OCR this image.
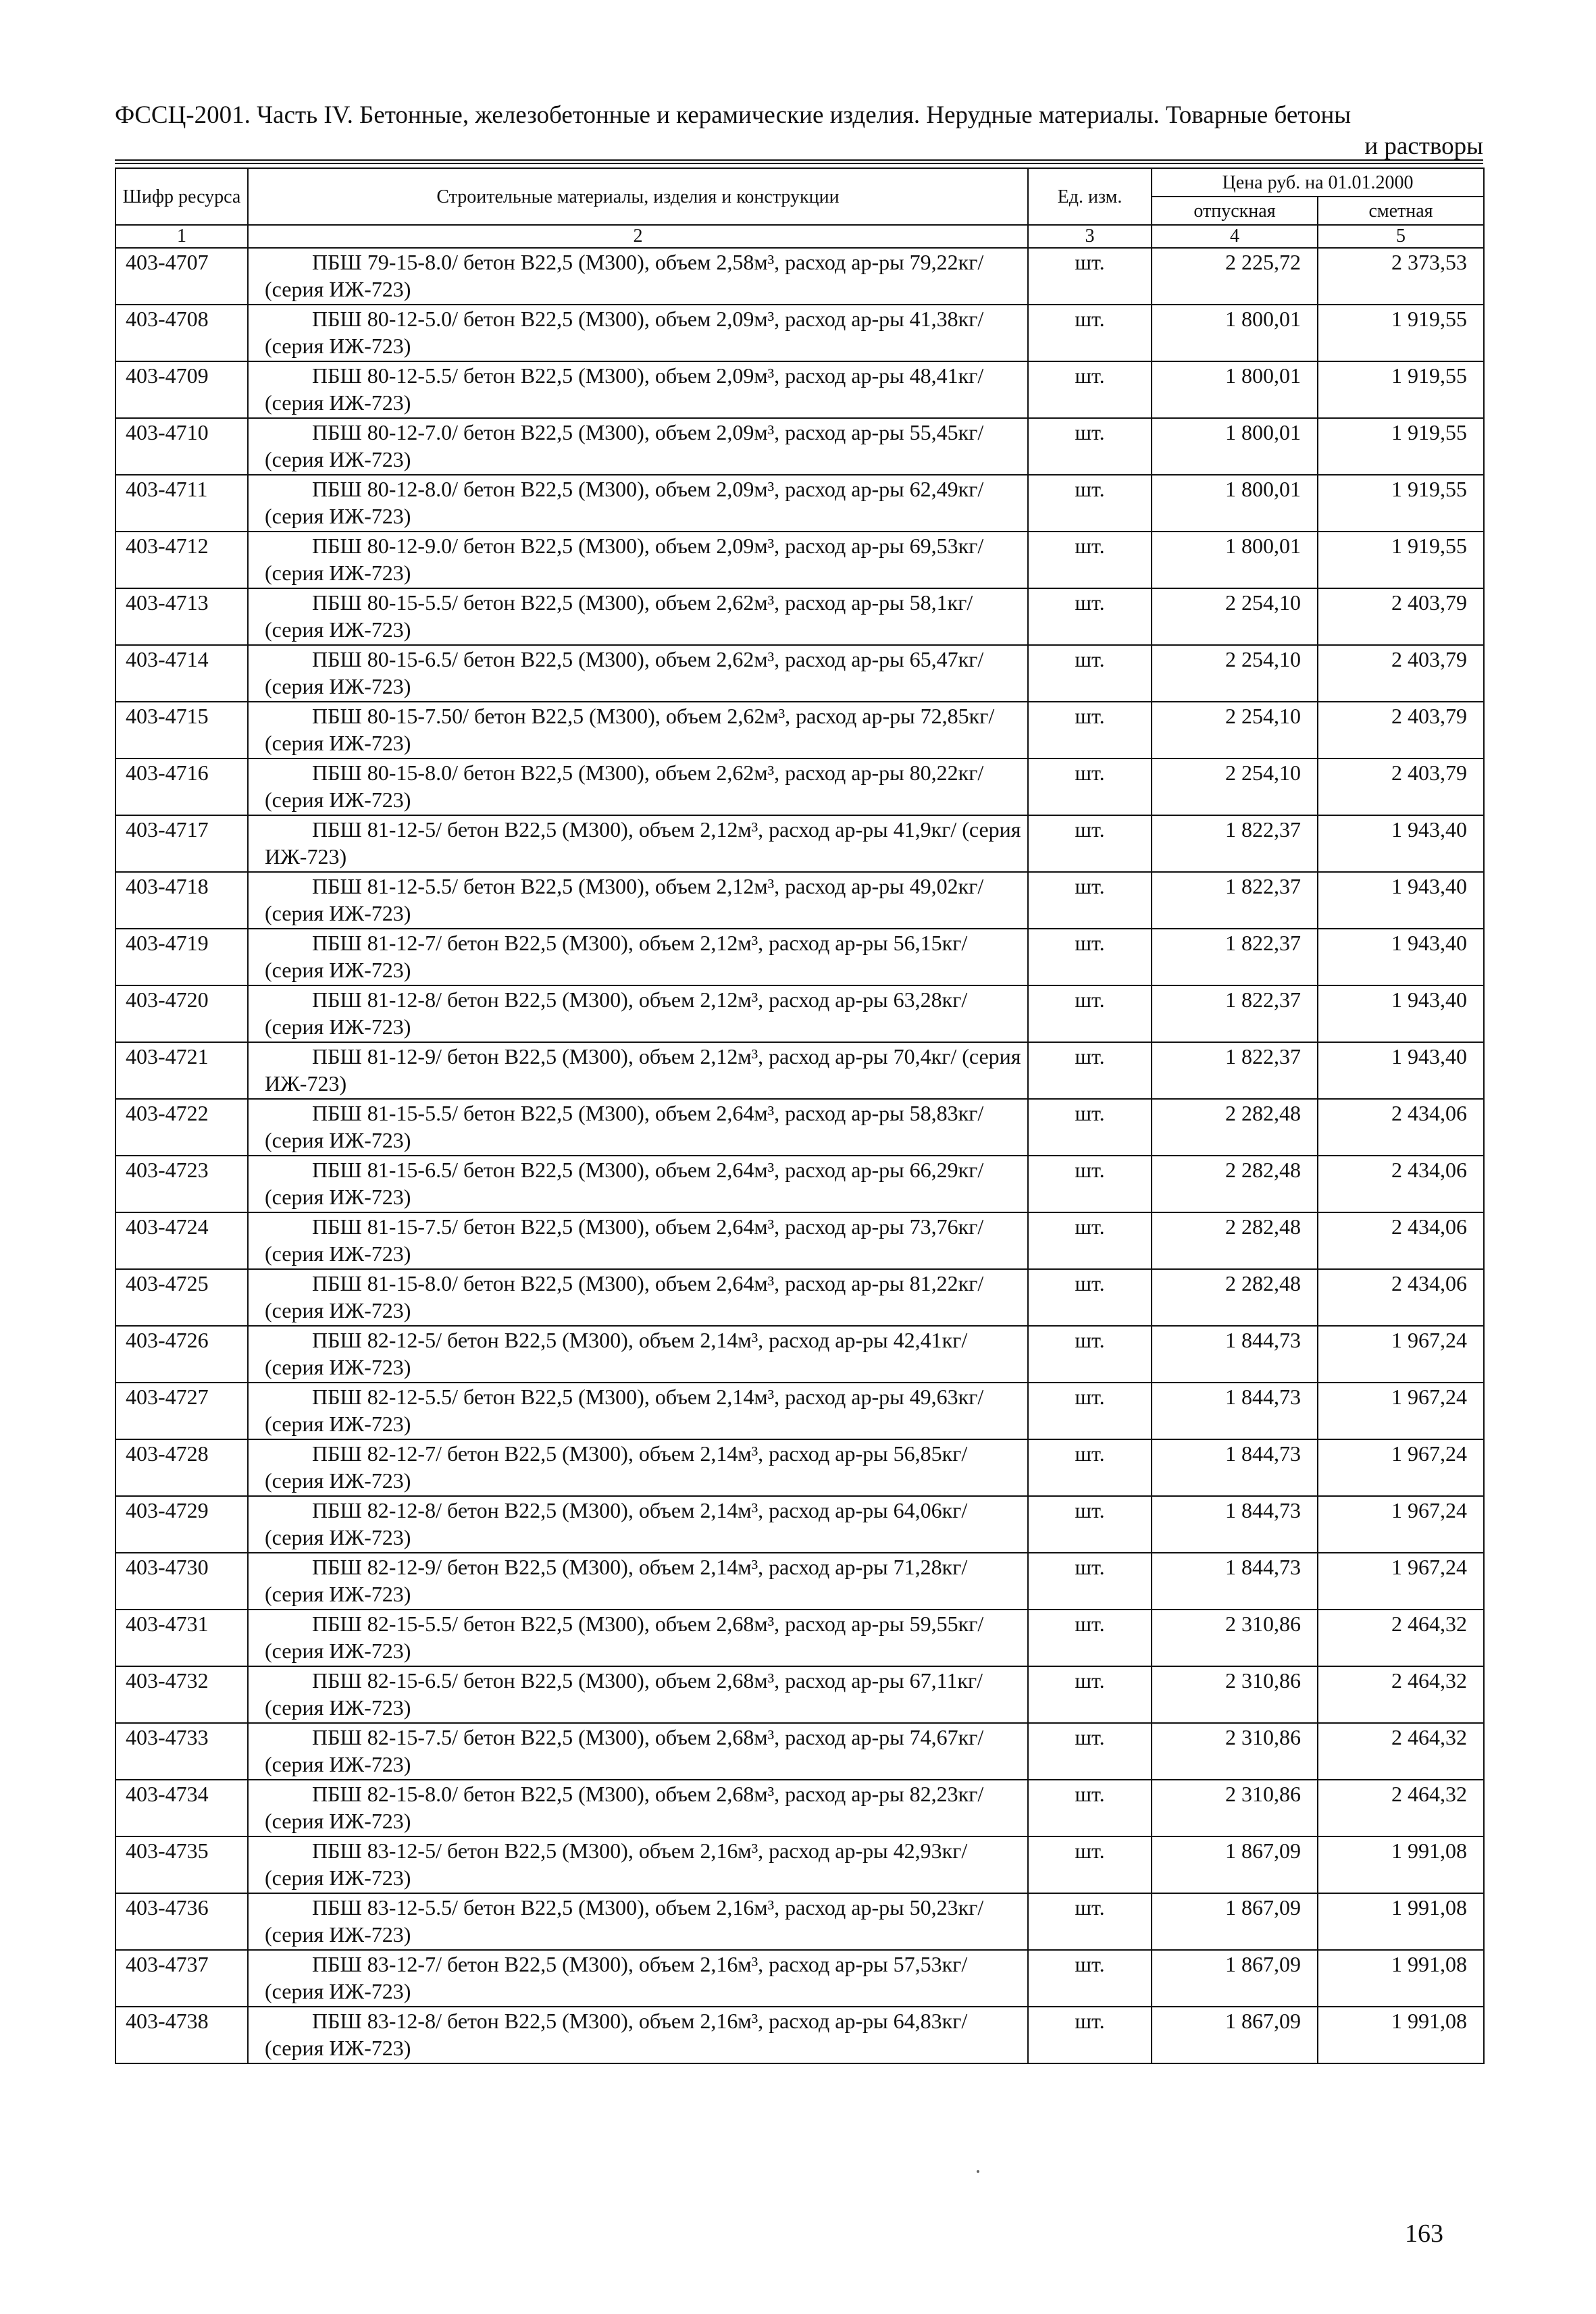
ФССЦ-2001. Часть IV. Бетонные, железобетонные и керамические изделия. Нерудные материалы. Товарные бетоны
и растворы
Шифр ресурса	Строительные материалы, изделия и конструкции	Ед. изм.	Цена руб. на 01.01.2000	
			отпускная	сметная
1	2	3	4	5
403-4707	ПБШ 79-15-8.0/ бетон В22,5 (М300), объем 2,58м³, расход ар-ры 79,22кг/ (серия ИЖ-723)	шт.	2 225,72	2 373,53
403-4708	ПБШ 80-12-5.0/ бетон В22,5 (М300), объем 2,09м³, расход ар-ры 41,38кг/ (серия ИЖ-723)	шт.	1 800,01	1 919,55
403-4709	ПБШ 80-12-5.5/ бетон В22,5 (М300), объем 2,09м³, расход ар-ры 48,41кг/ (серия ИЖ-723)	шт.	1 800,01	1 919,55
403-4710	ПБШ 80-12-7.0/ бетон В22,5 (М300), объем 2,09м³, расход ар-ры 55,45кг/ (серия ИЖ-723)	шт.	1 800,01	1 919,55
403-4711	ПБШ 80-12-8.0/ бетон В22,5 (М300), объем 2,09м³, расход ар-ры 62,49кг/ (серия ИЖ-723)	шт.	1 800,01	1 919,55
403-4712	ПБШ 80-12-9.0/ бетон В22,5 (М300), объем 2,09м³, расход ар-ры 69,53кг/ (серия ИЖ-723)	шт.	1 800,01	1 919,55
403-4713	ПБШ 80-15-5.5/ бетон В22,5 (М300), объем 2,62м³, расход ар-ры 58,1кг/ (серия ИЖ-723)	шт.	2 254,10	2 403,79
403-4714	ПБШ 80-15-6.5/ бетон В22,5 (М300), объем 2,62м³, расход ар-ры 65,47кг/ (серия ИЖ-723)	шт.	2 254,10	2 403,79
403-4715	ПБШ 80-15-7.50/ бетон В22,5 (М300), объем 2,62м³, расход ар-ры 72,85кг/ (серия ИЖ-723)	шт.	2 254,10	2 403,79
403-4716	ПБШ 80-15-8.0/ бетон В22,5 (М300), объем 2,62м³, расход ар-ры 80,22кг/ (серия ИЖ-723)	шт.	2 254,10	2 403,79
403-4717	ПБШ 81-12-5/ бетон В22,5 (М300), объем 2,12м³, расход ар-ры 41,9кг/ (серия ИЖ-723)	шт.	1 822,37	1 943,40
403-4718	ПБШ 81-12-5.5/ бетон В22,5 (М300), объем 2,12м³, расход ар-ры 49,02кг/ (серия ИЖ-723)	шт.	1 822,37	1 943,40
403-4719	ПБШ 81-12-7/ бетон В22,5 (М300), объем 2,12м³, расход ар-ры 56,15кг/ (серия ИЖ-723)	шт.	1 822,37	1 943,40
403-4720	ПБШ 81-12-8/ бетон В22,5 (М300), объем 2,12м³, расход ар-ры 63,28кг/ (серия ИЖ-723)	шт.	1 822,37	1 943,40
403-4721	ПБШ 81-12-9/ бетон В22,5 (М300), объем 2,12м³, расход ар-ры 70,4кг/ (серия ИЖ-723)	шт.	1 822,37	1 943,40
403-4722	ПБШ 81-15-5.5/ бетон В22,5 (М300), объем 2,64м³, расход ар-ры 58,83кг/ (серия ИЖ-723)	шт.	2 282,48	2 434,06
403-4723	ПБШ 81-15-6.5/ бетон В22,5 (М300), объем 2,64м³, расход ар-ры 66,29кг/ (серия ИЖ-723)	шт.	2 282,48	2 434,06
403-4724	ПБШ 81-15-7.5/ бетон В22,5 (М300), объем 2,64м³, расход ар-ры 73,76кг/ (серия ИЖ-723)	шт.	2 282,48	2 434,06
403-4725	ПБШ 81-15-8.0/ бетон В22,5 (М300), объем 2,64м³, расход ар-ры 81,22кг/ (серия ИЖ-723)	шт.	2 282,48	2 434,06
403-4726	ПБШ 82-12-5/ бетон В22,5 (М300), объем 2,14м³, расход ар-ры 42,41кг/ (серия ИЖ-723)	шт.	1 844,73	1 967,24
403-4727	ПБШ 82-12-5.5/ бетон В22,5 (М300), объем 2,14м³, расход ар-ры 49,63кг/ (серия ИЖ-723)	шт.	1 844,73	1 967,24
403-4728	ПБШ 82-12-7/ бетон В22,5 (М300), объем 2,14м³, расход ар-ры 56,85кг/ (серия ИЖ-723)	шт.	1 844,73	1 967,24
403-4729	ПБШ 82-12-8/ бетон В22,5 (М300), объем 2,14м³, расход ар-ры 64,06кг/ (серия ИЖ-723)	шт.	1 844,73	1 967,24
403-4730	ПБШ 82-12-9/ бетон В22,5 (М300), объем 2,14м³, расход ар-ры 71,28кг/ (серия ИЖ-723)	шт.	1 844,73	1 967,24
403-4731	ПБШ 82-15-5.5/ бетон В22,5 (М300), объем 2,68м³, расход ар-ры 59,55кг/ (серия ИЖ-723)	шт.	2 310,86	2 464,32
403-4732	ПБШ 82-15-6.5/ бетон В22,5 (М300), объем 2,68м³, расход ар-ры 67,11кг/ (серия ИЖ-723)	шт.	2 310,86	2 464,32
403-4733	ПБШ 82-15-7.5/ бетон В22,5 (М300), объем 2,68м³, расход ар-ры 74,67кг/ (серия ИЖ-723)	шт.	2 310,86	2 464,32
403-4734	ПБШ 82-15-8.0/ бетон В22,5 (М300), объем 2,68м³, расход ар-ры 82,23кг/ (серия ИЖ-723)	шт.	2 310,86	2 464,32
403-4735	ПБШ 83-12-5/ бетон В22,5 (М300), объем 2,16м³, расход ар-ры 42,93кг/ (серия ИЖ-723)	шт.	1 867,09	1 991,08
403-4736	ПБШ 83-12-5.5/ бетон В22,5 (М300), объем 2,16м³, расход ар-ры 50,23кг/ (серия ИЖ-723)	шт.	1 867,09	1 991,08
403-4737	ПБШ 83-12-7/ бетон В22,5 (М300), объем 2,16м³, расход ар-ры 57,53кг/ (серия ИЖ-723)	шт.	1 867,09	1 991,08
403-4738	ПБШ 83-12-8/ бетон В22,5 (М300), объем 2,16м³, расход ар-ры 64,83кг/ (серия ИЖ-723)	шт.	1 867,09	1 991,08
163
